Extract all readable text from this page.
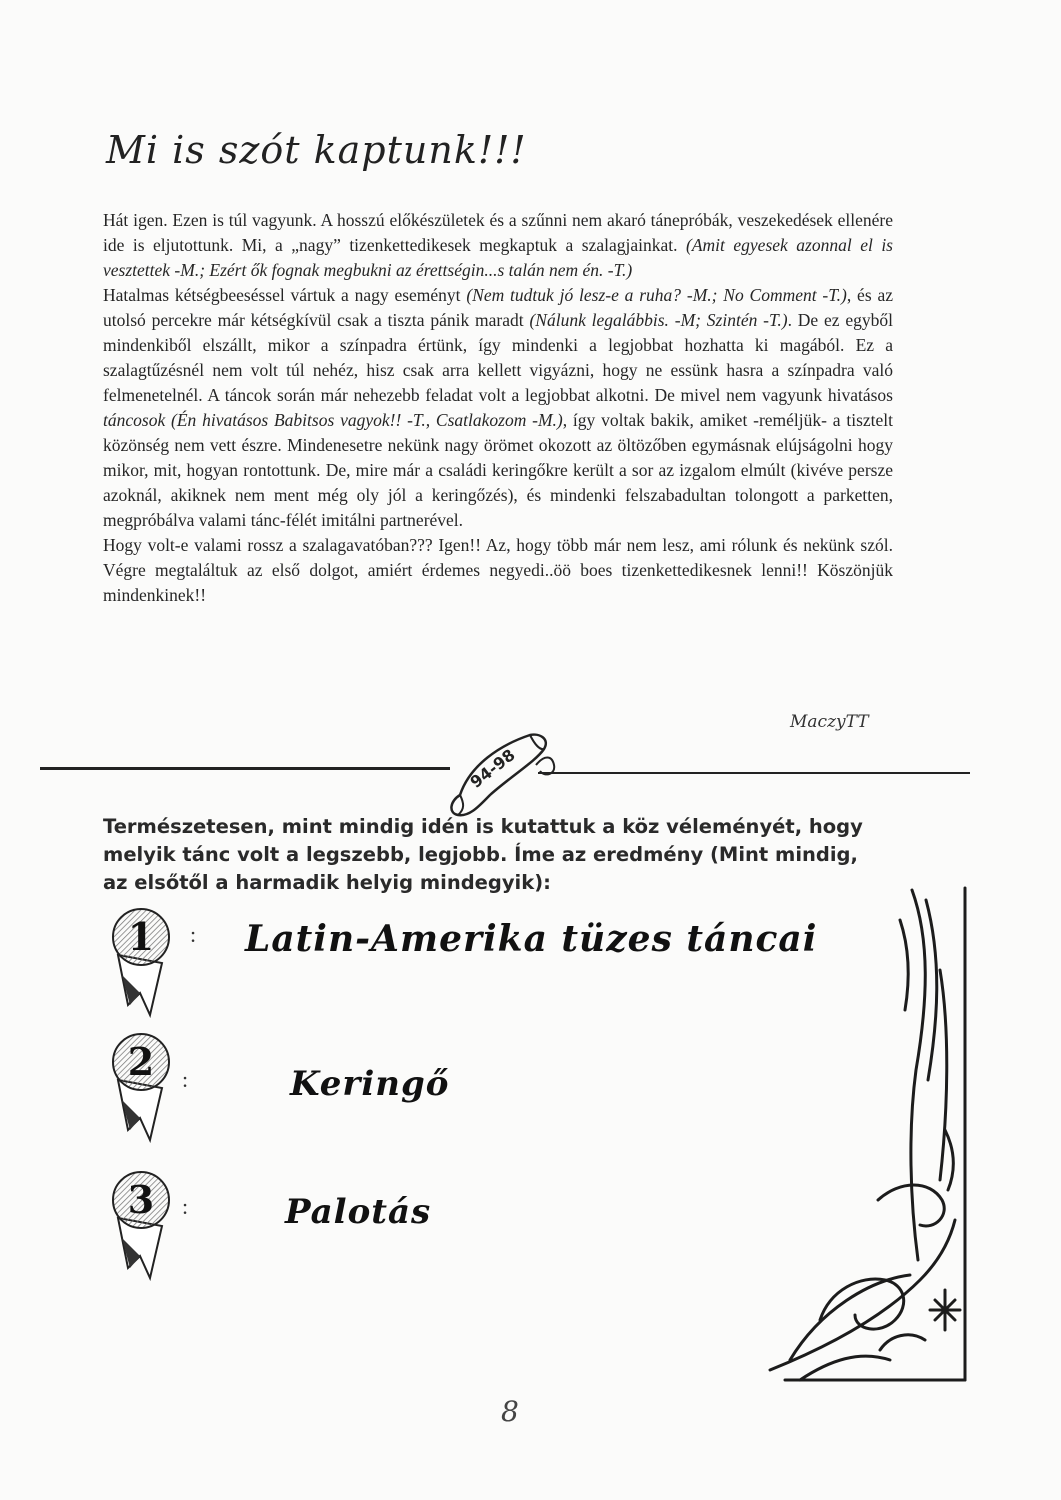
Mi is szót kaptunk!!!

Hát igen. Ezen is túl vagyunk. A hosszú előkészületek és a szűnni nem akaró tánepróbák, veszekedések ellenére ide is eljutottunk. Mi, a „nagy” tizenkettedikesek megkaptuk a szalagjainkat. (Amit egyesek azonnal el is vesztettek -M.; Ezért ők fognak megbukni az érettségin...s talán nem én. -T.)

Hatalmas kétségbeeséssel vártuk a nagy eseményt (Nem tudtuk jó lesz-e a ruha? -M.; No Comment -T.), és az utolsó percekre már kétségkívül csak a tiszta pánik maradt (Nálunk legalábbis. -M; Szintén -T.). De ez egyből mindenkiből elszállt, mikor a színpadra értünk, így mindenki a legjobbat hozhatta ki magából. Ez a szalagtűzésnél nem volt túl nehéz, hisz csak arra kellett vigyázni, hogy ne essünk hasra a színpadra való felmenetelnél. A táncok során már nehezebb feladat volt a legjobbat alkotni. De mivel nem vagyunk hivatásos táncosok (Én hivatásos Babitsos vagyok!! -T., Csatlakozom -M.), így voltak bakik, amiket -reméljük- a tisztelt közönség nem vett észre. Mindenesetre nekünk nagy örömet okozott az öltözőben egymásnak elújságolni hogy mikor, mit, hogyan rontottunk. De, mire már a családi keringőkre került a sor az izgalom elmúlt (kivéve persze azoknál, akiknek nem ment még oly jól a keringőzés), és mindenki felszabadultan tolongott a parketten, megpróbálva valami tánc-félét imitálni partnerével.

Hogy volt-e valami rossz a szalagavatóban??? Igen!! Az, hogy több már nem lesz, ami rólunk és nekünk szól. Végre megtaláltuk az első dolgot, amiért érdemes negyedi..öö boes tizenkettedikesnek lenni!! Köszönjük mindenkinek!!

MaczyTT
94-98

Természetesen, mint mindig idén is kutattuk a köz véleményét, hogy melyik tánc volt a legszebb, legjobb. Íme az eredmény (Mint mindig, az elsőtől a harmadik helyig mindegyik):

1	: Latin-Amerika tüzes táncai
2	:	Keringő
3	:	Palotás
8
